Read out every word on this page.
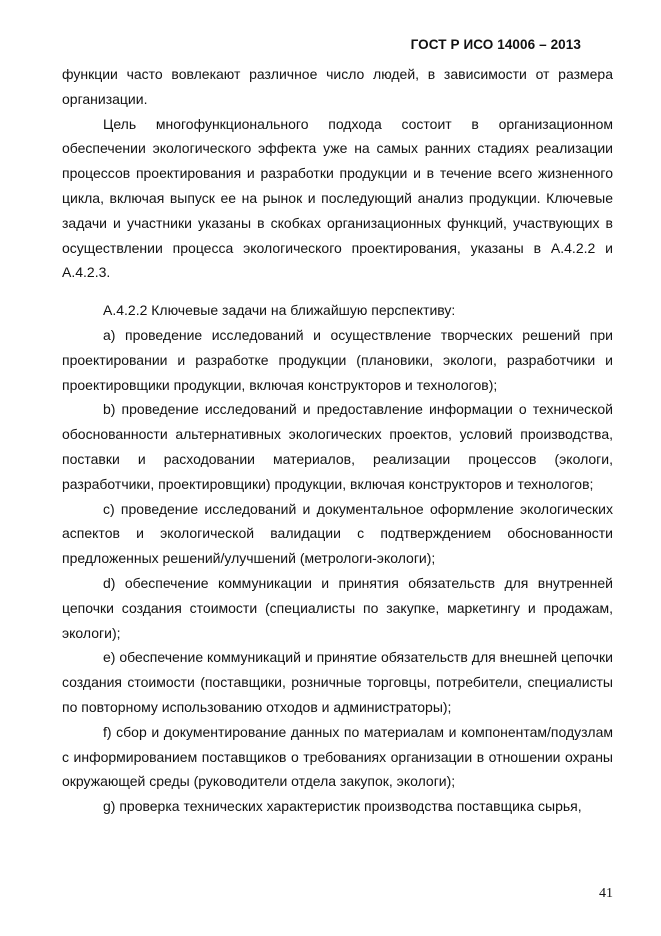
ГОСТ Р ИСО 14006 – 2013

функции часто вовлекают различное число людей, в зависимости от размера организации.

Цель многофункционального подхода состоит в организационном обеспечении экологического эффекта уже на самых ранних стадиях реализации процессов проектирования и разработки продукции и в течение всего жизненного цикла, включая выпуск ее на рынок и последующий анализ продукции. Ключевые задачи и участники указаны в скобках организационных функций, участвующих в осуществлении процесса экологического проектирования, указаны в А.4.2.2 и А.4.2.3.

А.4.2.2 Ключевые задачи на ближайшую перспективу:

a) проведение исследований и осуществление творческих решений при проектировании и разработке продукции (плановики, экологи, разработчики и проектировщики продукции, включая конструкторов и технологов);

b) проведение исследований и предоставление информации о технической обоснованности альтернативных экологических проектов, условий производства, поставки и расходовании материалов, реализации процессов (экологи, разработчики, проектировщики) продукции, включая конструкторов и технологов;

c) проведение исследований и документальное оформление экологических аспектов и экологической валидации с подтверждением обоснованности предложенных решений/улучшений (метрологи-экологи);

d) обеспечение коммуникации и принятия обязательств для внутренней цепочки создания стоимости (специалисты по закупке, маркетингу и продажам, экологи);

e) обеспечение коммуникаций и принятие обязательств для внешней цепочки создания стоимости (поставщики, розничные торговцы, потребители, специалисты по повторному использованию отходов и администраторы);

f) сбор и документирование данных по материалам и компонентам/подузлам с информированием поставщиков о требованиях организации в отношении охраны окружающей среды (руководители отдела закупок, экологи);

g) проверка технических характеристик производства поставщика сырья,

41
